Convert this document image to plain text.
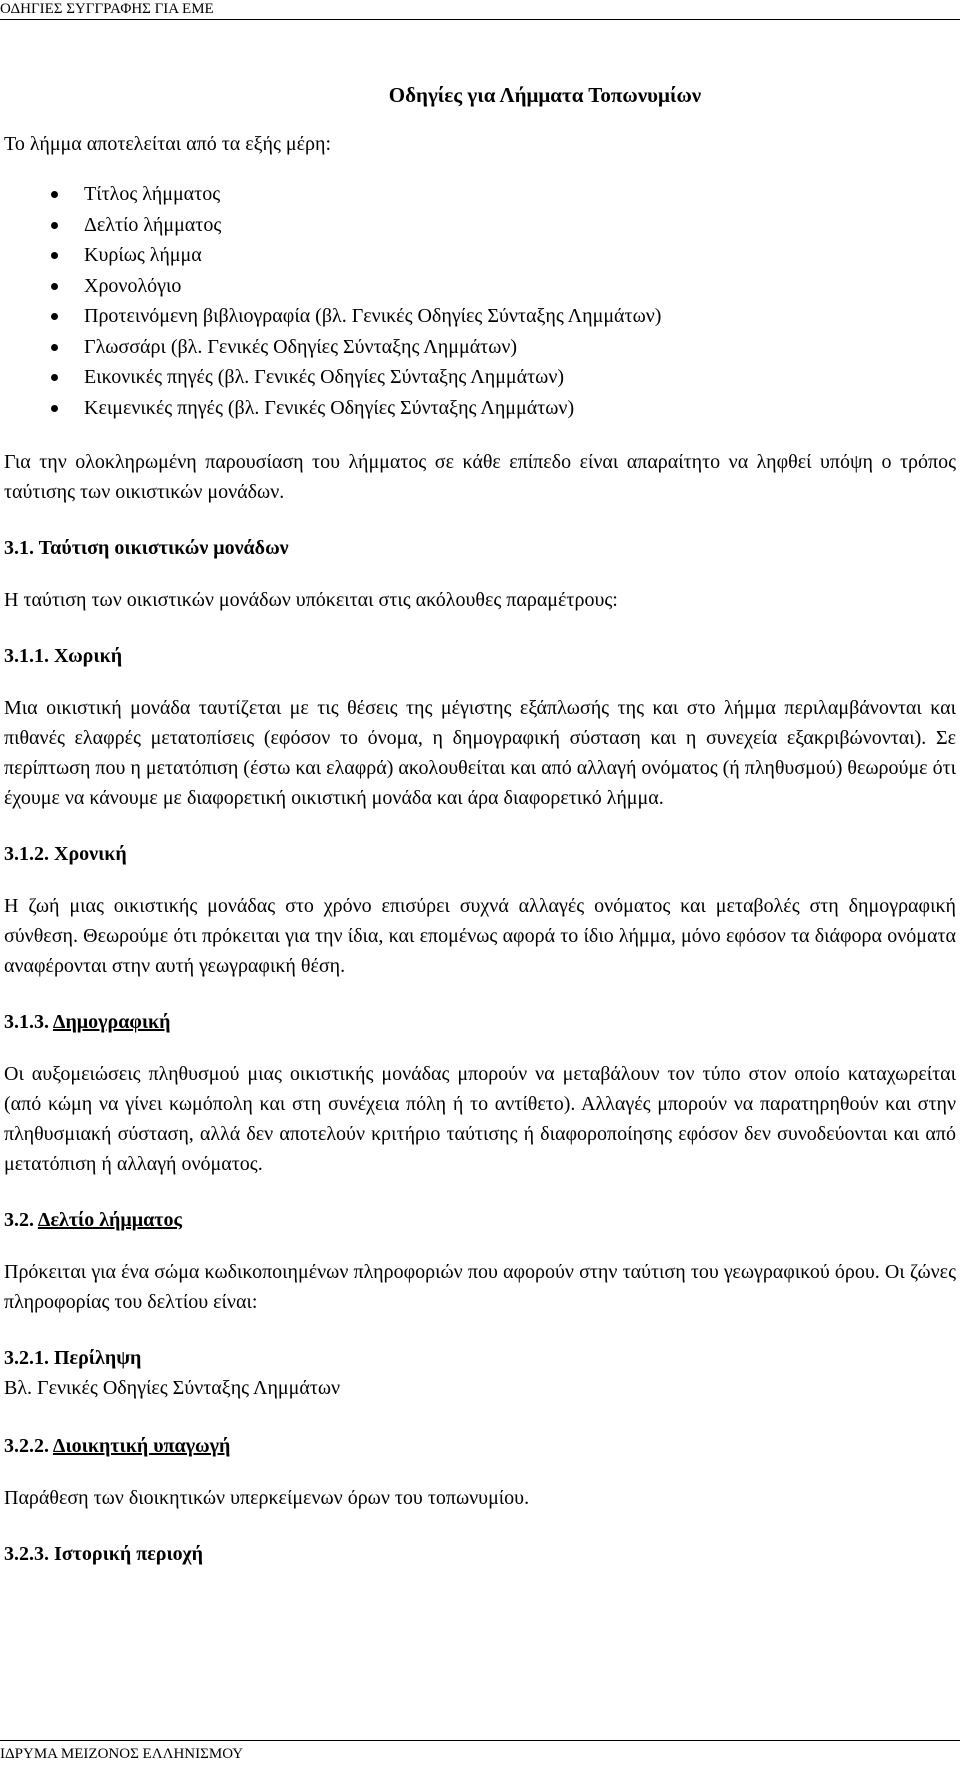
ΟΔΗΓΙΕΣ ΣΥΓΓΡΑΦΗΣ ΓΙΑ ΕΜΕ
Οδηγίες για Λήμματα Τοπωνυμίων

Το λήμμα αποτελείται από τα εξής μέρη:

Τίτλος λήμματος
Δελτίο λήμματος
Κυρίως λήμμα
Χρονολόγιο
Προτεινόμενη βιβλιογραφία (βλ. Γενικές Οδηγίες Σύνταξης Λημμάτων)
Γλωσσάρι (βλ. Γενικές Οδηγίες Σύνταξης Λημμάτων)
Εικονικές πηγές (βλ. Γενικές Οδηγίες Σύνταξης Λημμάτων)
Κειμενικές πηγές (βλ. Γενικές Οδηγίες Σύνταξης Λημμάτων)

Για την ολοκληρωμένη παρουσίαση του λήμματος σε κάθε επίπεδο είναι απαραίτητο να ληφθεί υπόψη ο τρόπος ταύτισης των οικιστικών μονάδων.

3.1. Ταύτιση οικιστικών μονάδων

Η ταύτιση των οικιστικών μονάδων υπόκειται στις ακόλουθες παραμέτρους:

3.1.1. Χωρική

Μια οικιστική μονάδα ταυτίζεται με τις θέσεις της μέγιστης εξάπλωσής της και στο λήμμα περιλαμβάνονται και πιθανές ελαφρές μετατοπίσεις (εφόσον το όνομα, η δημογραφική σύσταση και η συνεχεία εξακριβώνονται). Σε περίπτωση που η μετατόπιση (έστω και ελαφρά) ακολουθείται και από αλλαγή ονόματος (ή πληθυσμού) θεωρούμε ότι έχουμε να κάνουμε με διαφορετική οικιστική μονάδα και άρα διαφορετικό λήμμα.

3.1.2. Χρονική

Η ζωή μιας οικιστικής μονάδας στο χρόνο επισύρει συχνά αλλαγές ονόματος και μεταβολές στη δημογραφική σύνθεση. Θεωρούμε ότι πρόκειται για την ίδια, και επομένως αφορά το ίδιο λήμμα, μόνο εφόσον τα διάφορα ονόματα αναφέρονται στην αυτή γεωγραφική θέση.

3.1.3. Δημογραφική

Οι αυξομειώσεις πληθυσμού μιας οικιστικής μονάδας μπορούν να μεταβάλουν τον τύπο στον οποίο καταχωρείται (από κώμη να γίνει κωμόπολη και στη συνέχεια πόλη ή το αντίθετο). Αλλαγές μπορούν να παρατηρηθούν και στην πληθυσμιακή σύσταση, αλλά δεν αποτελούν κριτήριο ταύτισης ή διαφοροποίησης εφόσον δεν συνοδεύονται και από μετατόπιση ή αλλαγή ονόματος.

3.2. Δελτίο λήμματος

Πρόκειται για ένα σώμα κωδικοποιημένων πληροφοριών που αφορούν στην ταύτιση του γεωγραφικού όρου. Οι ζώνες πληροφορίας του δελτίου είναι:

3.2.1. Περίληψη

Βλ. Γενικές Οδηγίες Σύνταξης Λημμάτων

3.2.2. Διοικητική υπαγωγή

Παράθεση των διοικητικών υπερκείμενων όρων του τοπωνυμίου.

3.2.3. Ιστορική περιοχή

ΙΔΡΥΜΑ ΜΕΙΖΟΝΟΣ ΕΛΛΗΝΙΣΜΟΥ
